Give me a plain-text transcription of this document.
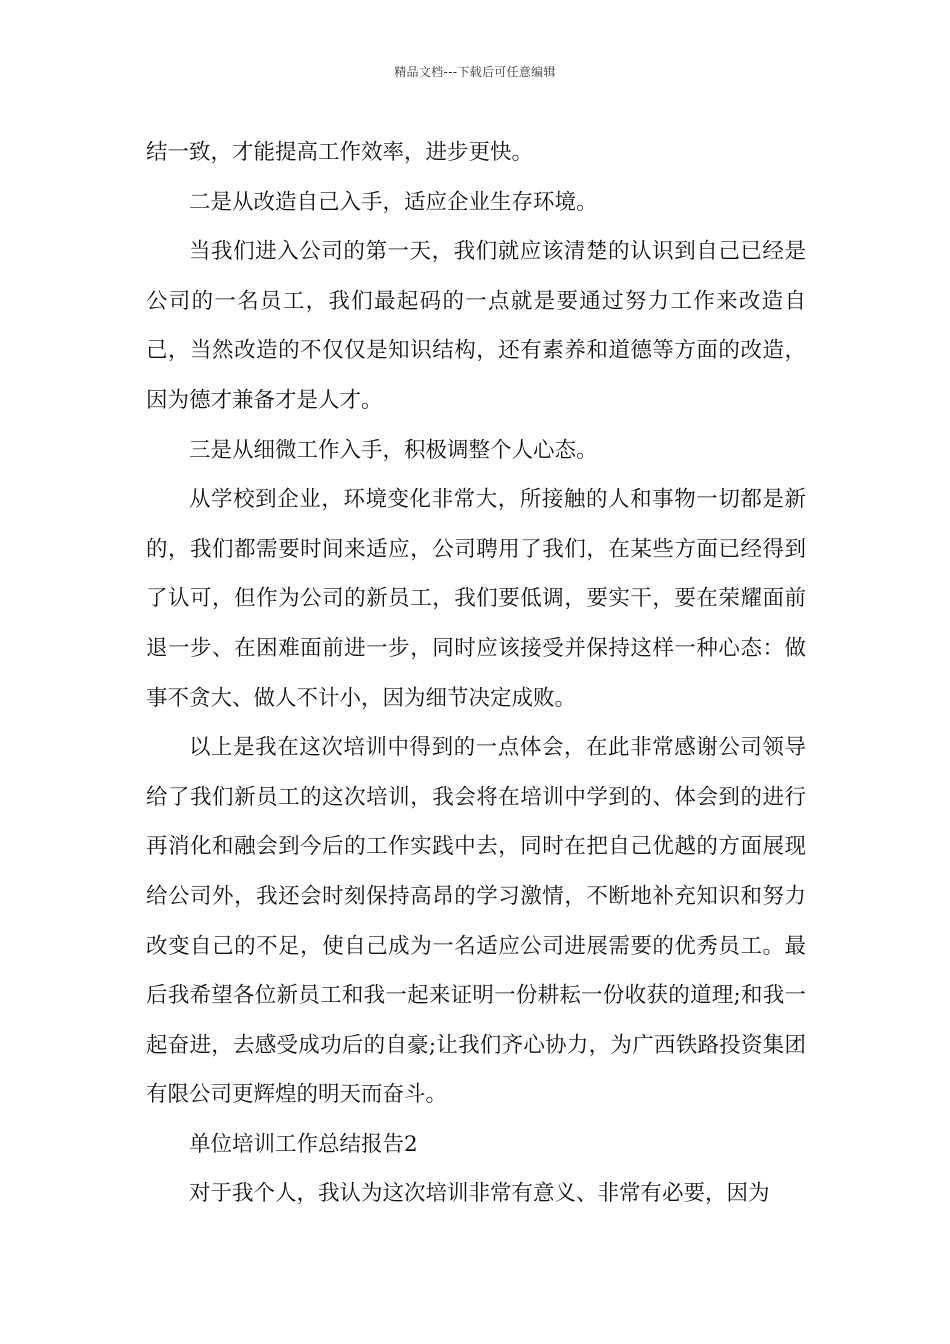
精品文档---下载后可任意编辑

结一致，才能提高工作效率，进步更快。

二是从改造自己入手，适应企业生存环境。

当我们进入公司的第一天，我们就应该清楚的认识到自己已经是公司的一名员工，我们最起码的一点就是要通过努力工作来改造自己，当然改造的不仅仅是知识结构，还有素养和道德等方面的改造，因为德才兼备才是人才。

三是从细微工作入手，积极调整个人心态。

从学校到企业，环境变化非常大，所接触的人和事物一切都是新的，我们都需要时间来适应，公司聘用了我们，在某些方面已经得到了认可，但作为公司的新员工，我们要低调，要实干，要在荣耀面前退一步、在困难面前进一步，同时应该接受并保持这样一种心态：做事不贪大、做人不计小，因为细节决定成败。

以上是我在这次培训中得到的一点体会，在此非常感谢公司领导给了我们新员工的这次培训，我会将在培训中学到的、体会到的进行再消化和融会到今后的工作实践中去，同时在把自己优越的方面展现给公司外，我还会时刻保持高昂的学习激情，不断地补充知识和努力改变自己的不足，使自己成为一名适应公司进展需要的优秀员工。最后我希望各位新员工和我一起来证明一份耕耘一份收获的道理;和我一起奋进，去感受成功后的自豪;让我们齐心协力，为广西铁路投资集团有限公司更辉煌的明天而奋斗。

单位培训工作总结报告2

对于我个人，我认为这次培训非常有意义、非常有必要，因为
